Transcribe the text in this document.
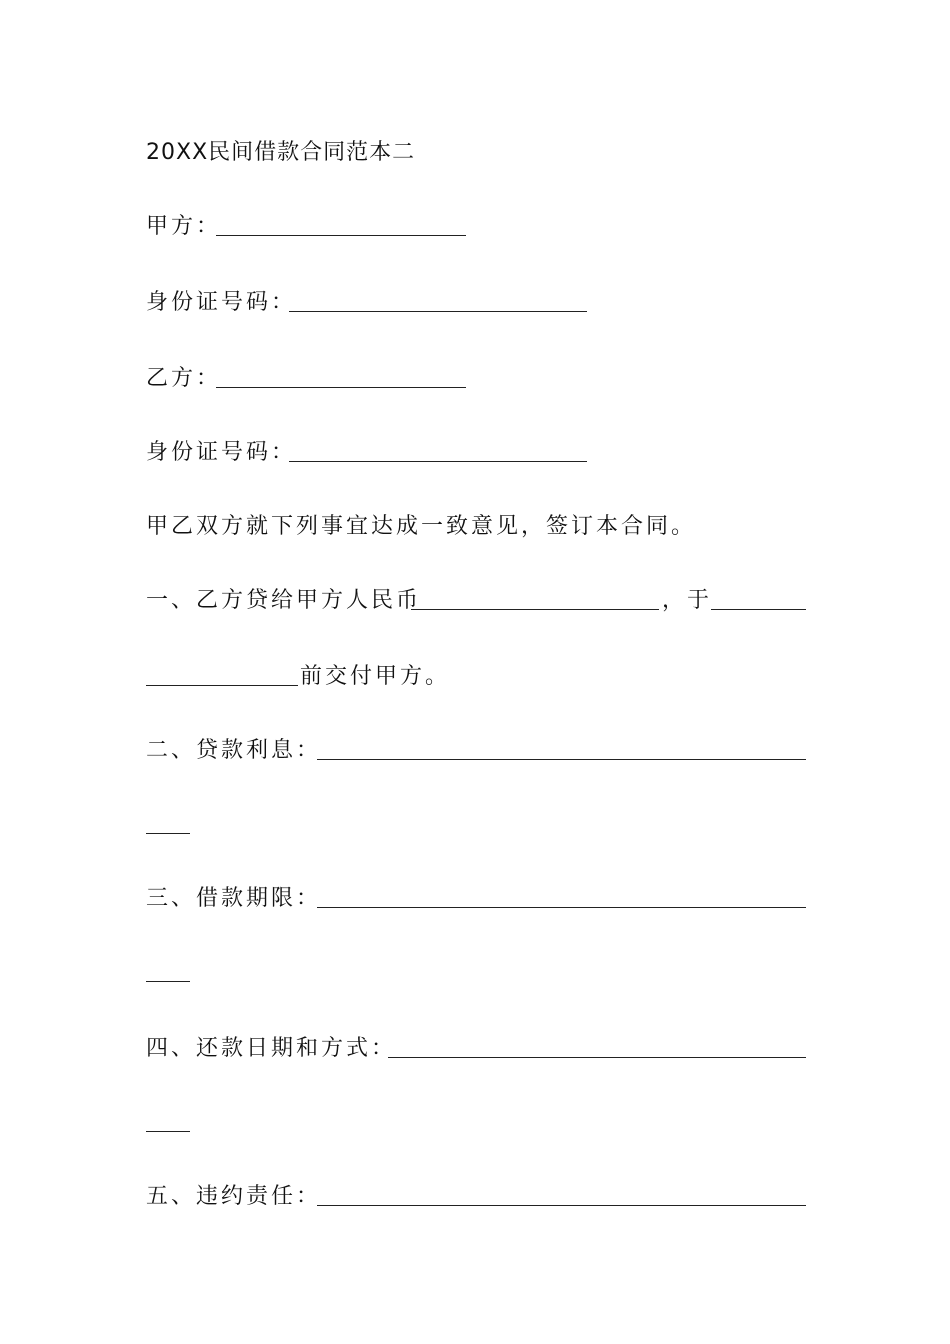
20XX民间借款合同范本二
甲方：
身份证号码：
乙方：
身份证号码：
甲乙双方就下列事宜达成一致意见，签订本合同。
一、乙方贷给甲方人民币	，于
前交付甲方。
二、贷款利息：
三、借款期限：
四、还款日期和方式：
五、违约责任：
